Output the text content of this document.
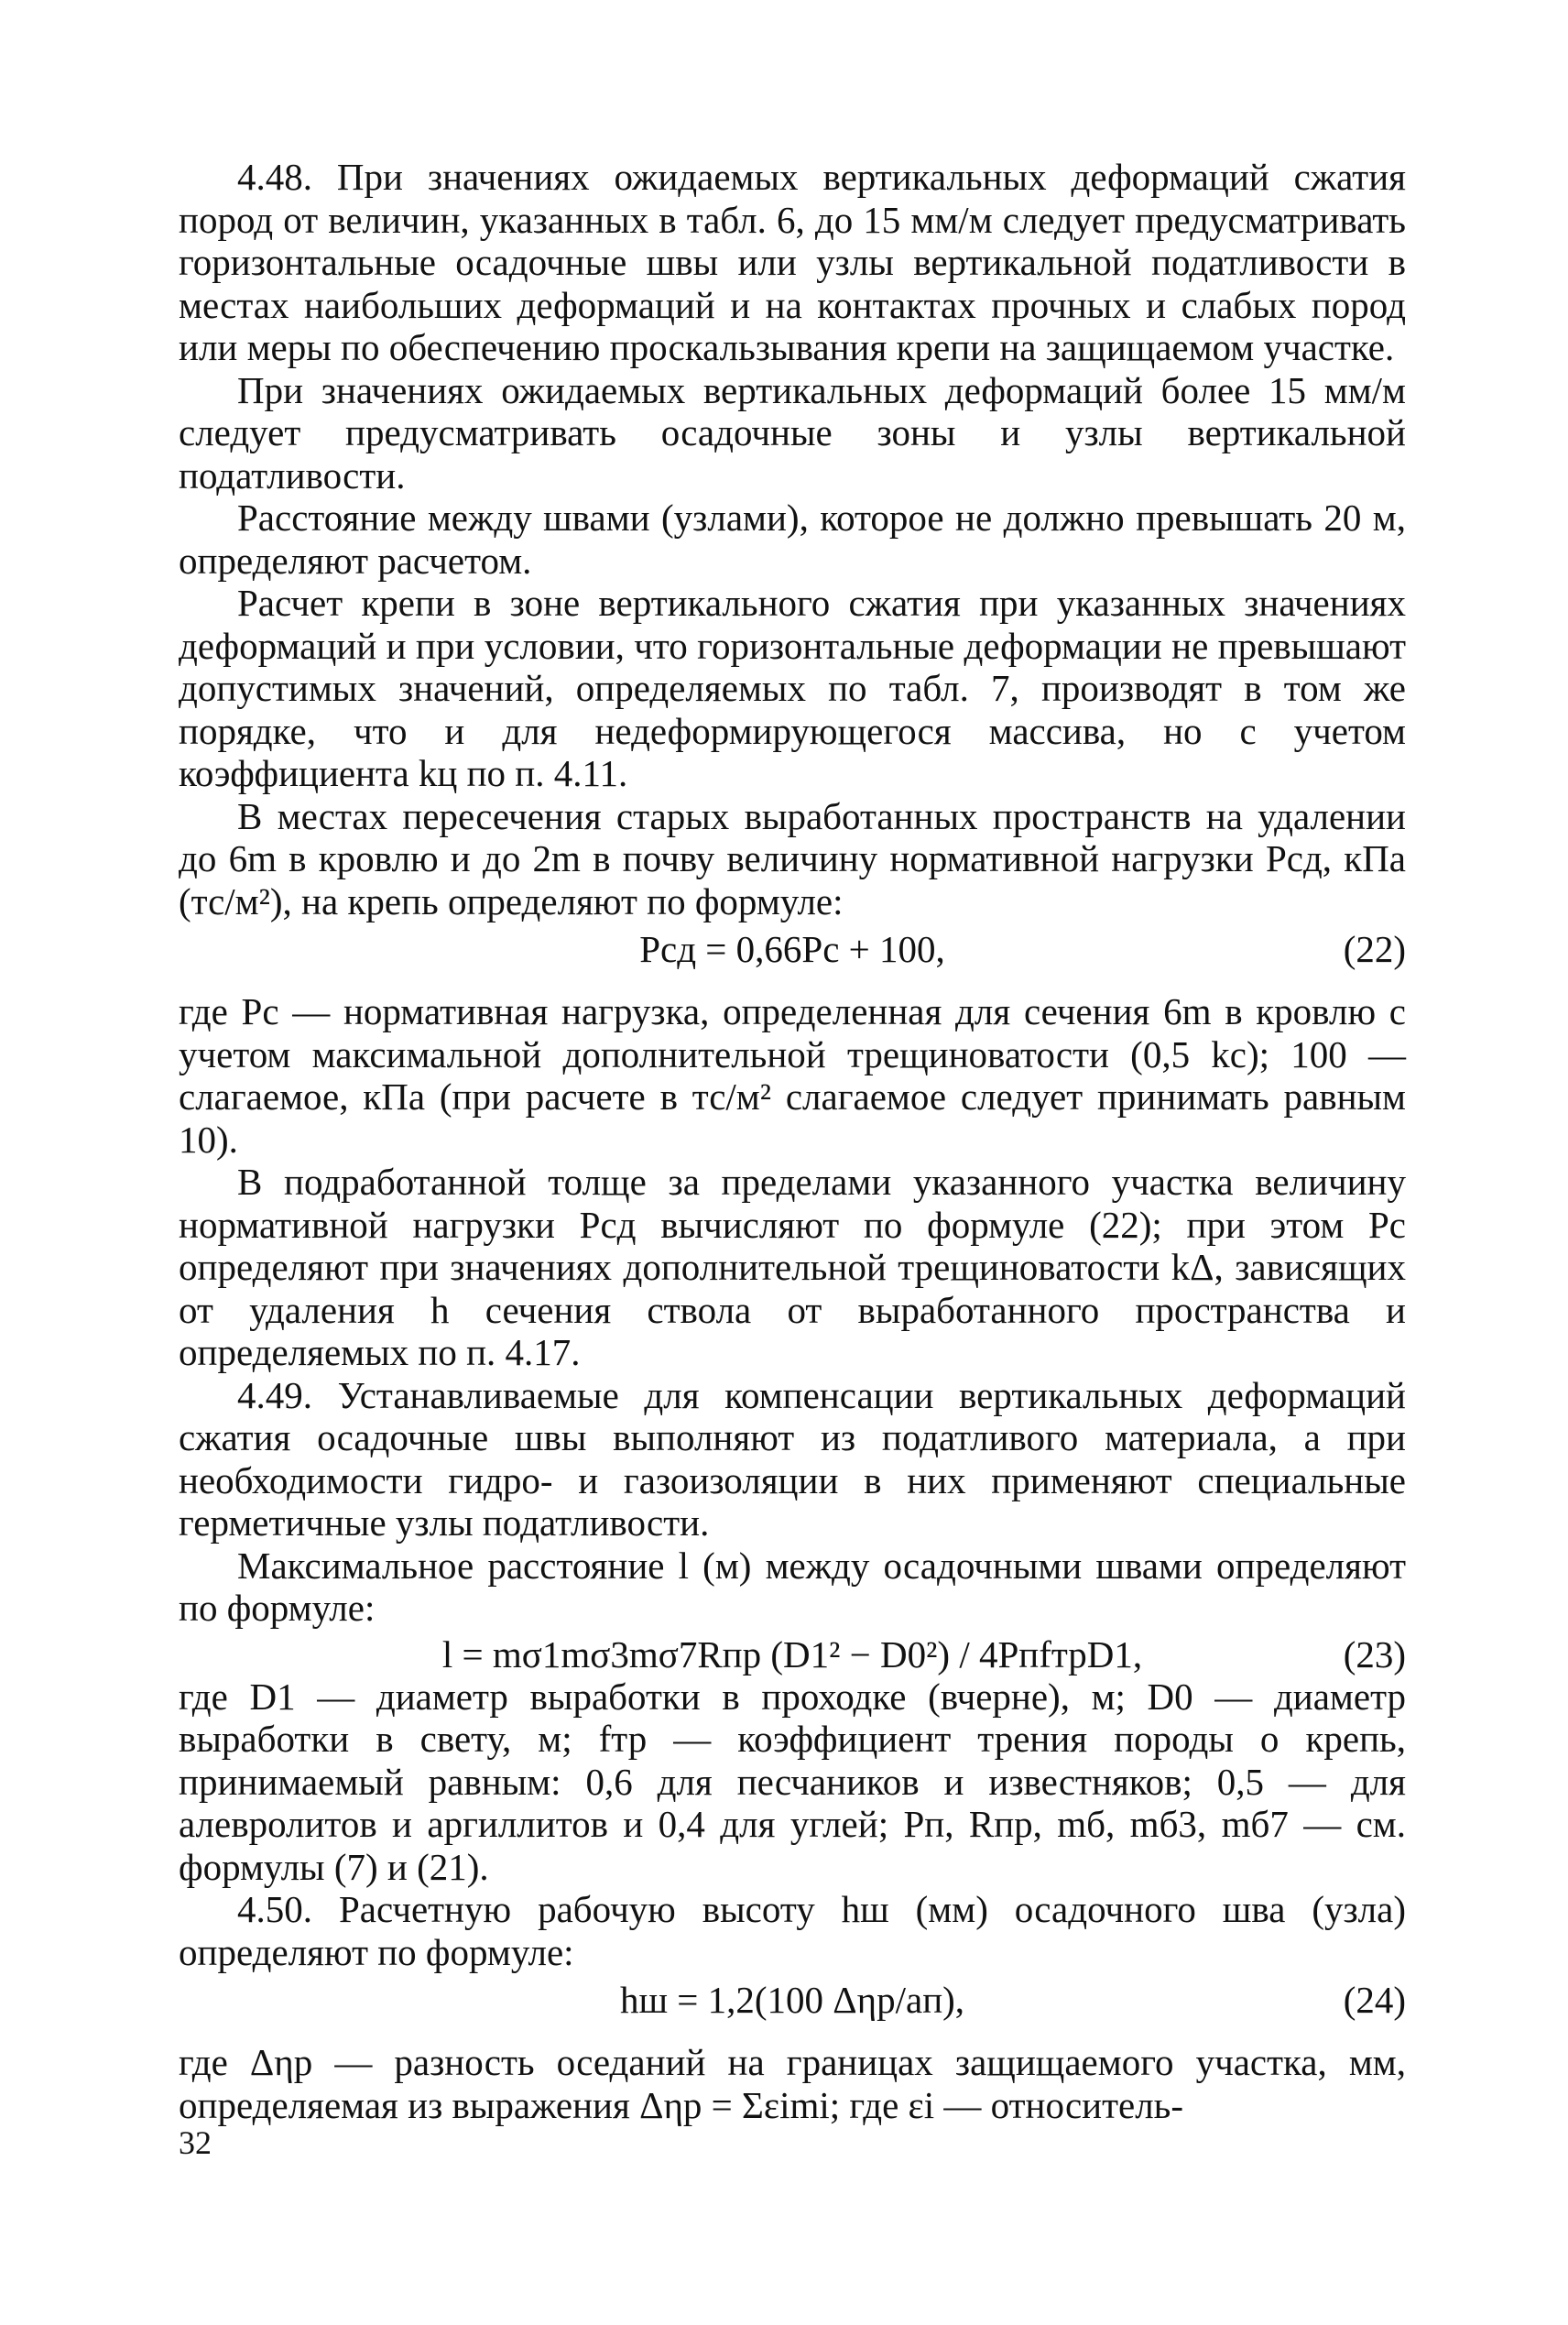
4.48. При значениях ожидаемых вертикальных деформаций сжатия пород от величин, указанных в табл. 6, до 15 мм/м следует предусматривать горизонтальные осадочные швы или узлы вертикальной податливости в местах наибольших деформаций и на контактах прочных и слабых пород или меры по обеспечению проскальзывания крепи на защищаемом участке.

При значениях ожидаемых вертикальных деформаций более 15 мм/м следует предусматривать осадочные зоны и узлы вертикальной податливости.

Расстояние между швами (узлами), которое не должно превышать 20 м, определяют расчетом.

Расчет крепи в зоне вертикального сжатия при указанных значениях деформаций и при условии, что горизонтальные деформации не превышают допустимых значений, определяемых по табл. 7, производят в том же порядке, что и для недеформирующегося массива, но с учетом коэффициента kц по п. 4.11.

В местах пересечения старых выработанных пространств на удалении до 6m в кровлю и до 2m в почву величину нормативной нагрузки Pсд, кПа (тс/м²), на крепь определяют по формуле:

Pсд = 0,66Pс + 100,	(22)

где Pс — нормативная нагрузка, определенная для сечения 6m в кровлю с учетом максимальной дополнительной трещиноватости (0,5 kс); 100 — слагаемое, кПа (при расчете в тс/м² слагаемое следует принимать равным 10).

В подработанной толще за пределами указанного участка величину нормативной нагрузки Pсд вычисляют по формуле (22); при этом Pс определяют при значениях дополнительной трещиноватости kΔ, зависящих от удаления h сечения ствола от выработанного пространства и определяемых по п. 4.17.

4.49. Устанавливаемые для компенсации вертикальных деформаций сжатия осадочные швы выполняют из податливого материала, а при необходимости гидро- и газоизоляции в них применяют специальные герметичные узлы податливости.

Максимальное расстояние l (м) между осадочными швами определяют по формуле:

l = mσ1mσ3mσ7Rпр (D1² − D0²) / 4PпfтрD1,	(23)

где D1 — диаметр выработки в проходке (вчерне), м; D0 — диаметр выработки в свету, м; fтр — коэффициент трения породы о крепь, принимаемый равным: 0,6 для песчаников и известняков; 0,5 — для алевролитов и аргиллитов и 0,4 для углей; Pп, Rпр, mб, mб3, mб7 — см. формулы (7) и (21).

4.50. Расчетную рабочую высоту hш (мм) осадочного шва (узла) определяют по формуле:

hш = 1,2(100 Δηр/aп),	(24)

где Δηр — разность оседаний на границах защищаемого участка, мм, определяемая из выражения Δηр = Σεimi; где εi — относитель-

32
